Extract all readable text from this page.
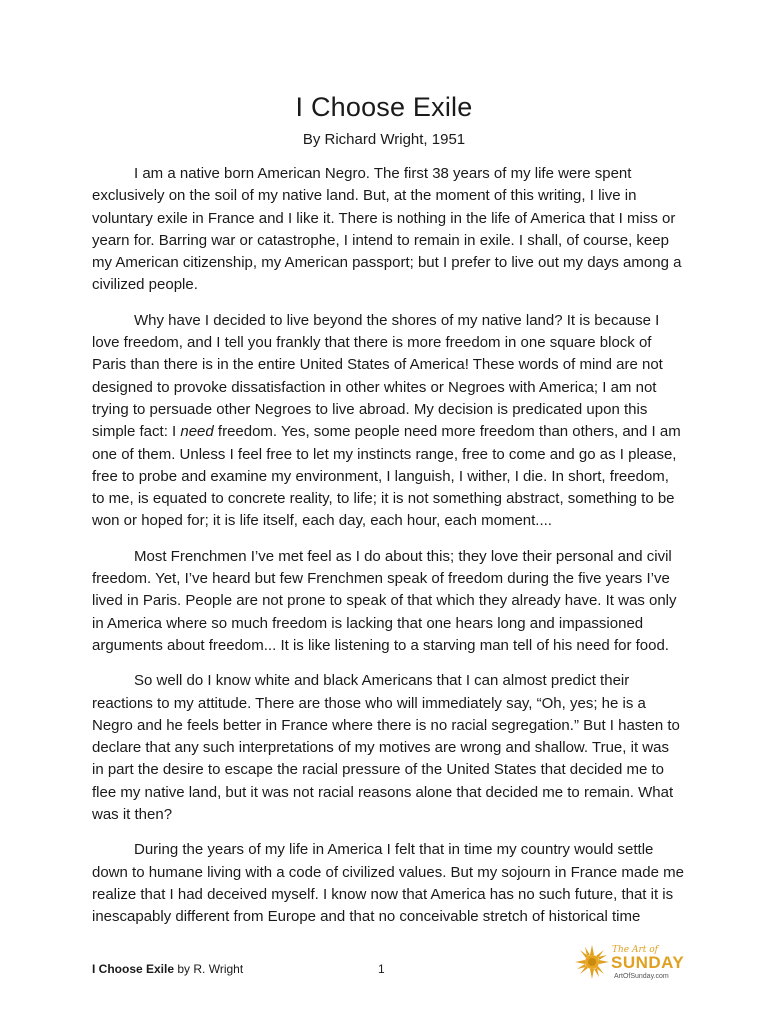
I Choose Exile
By Richard Wright, 1951

I am a native born American Negro. The first 38 years of my life were spent exclusively on the soil of my native land. But, at the moment of this writing, I live in voluntary exile in France and I like it. There is nothing in the life of America that I miss or yearn for. Barring war or catastrophe, I intend to remain in exile. I shall, of course, keep my American citizenship, my American passport; but I prefer to live out my days among a civilized people.

Why have I decided to live beyond the shores of my native land? It is because I love freedom, and I tell you frankly that there is more freedom in one square block of Paris than there is in the entire United States of America! These words of mind are not designed to provoke dissatisfaction in other whites or Negroes with America; I am not trying to persuade other Negroes to live abroad. My decision is predicated upon this simple fact: I need freedom. Yes, some people need more freedom than others, and I am one of them. Unless I feel free to let my instincts range, free to come and go as I please, free to probe and examine my environment, I languish, I wither, I die. In short, freedom, to me, is equated to concrete reality, to life; it is not something abstract, something to be won or hoped for; it is life itself, each day, each hour, each moment....

Most Frenchmen I’ve met feel as I do about this; they love their personal and civil freedom. Yet, I’ve heard but few Frenchmen speak of freedom during the five years I’ve lived in Paris. People are not prone to speak of that which they already have. It was only in America where so much freedom is lacking that one hears long and impassioned arguments about freedom... It is like listening to a starving man tell of his need for food.

So well do I know white and black Americans that I can almost predict their reactions to my attitude. There are those who will immediately say, “Oh, yes; he is a Negro and he feels better in France where there is no racial segregation.” But I hasten to declare that any such interpretations of my motives are wrong and shallow. True, it was in part the desire to escape the racial pressure of the United States that decided me to flee my native land, but it was not racial reasons alone that decided me to remain. What was it then?

During the years of my life in America I felt that in time my country would settle down to humane living with a code of civilized values. But my sojourn in France made me realize that I had deceived myself. I know now that America has no such future, that it is inescapably different from Europe and that no conceivable stretch of historical time

I Choose Exile by R. Wright	1
The Art of
SUNDAY
ArtOfSunday.com
